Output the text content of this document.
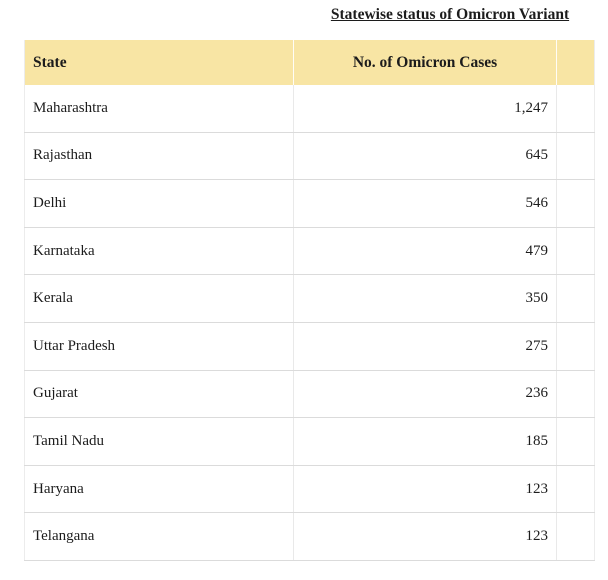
Statewise status of Omicron Variant
State	No. of Omicron Cases	
Maharashtra	1,247	
Rajasthan	645	
Delhi	546	
Karnataka	479	
Kerala	350	
Uttar Pradesh	275	
Gujarat	236	
Tamil Nadu	185	
Haryana	123	
Telangana	123	
